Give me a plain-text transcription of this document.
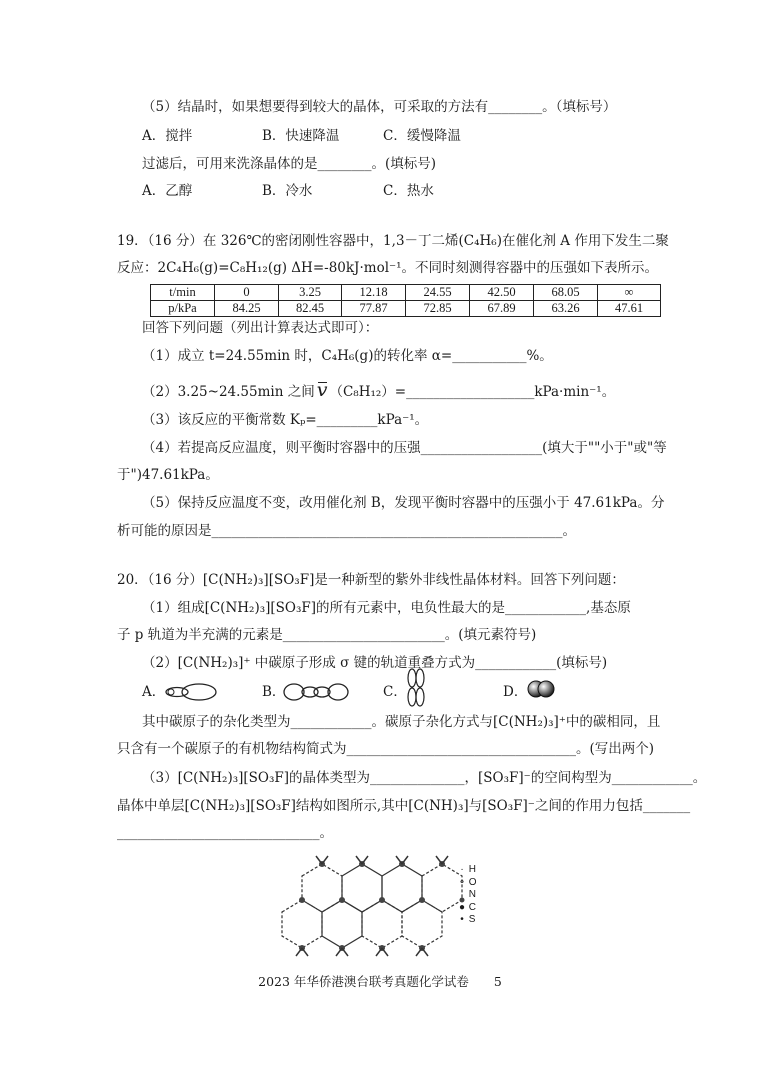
（5）结晶时，如果想要得到较大的晶体，可采取的方法有________。（填标号）
A．搅拌	B．快速降温	C．缓慢降温
过滤后，可用来洗涤晶体的是________。(填标号)
A．乙醇	B．冷水	C．热水
19．（16 分）在 326℃的密闭刚性容器中，1,3－丁二烯(C₄H₆)在催化剂 A 作用下发生二聚
反应：2C₄H₆(g)=C₈H₁₂(g) ΔH=-80kJ·mol⁻¹。不同时刻测得容器中的压强如下表所示。
t/min	0	3.25	12.18	24.55	42.50	68.05	∞
p/kPa	84.25	82.45	77.87	72.85	67.89	63.26	47.61
回答下列问题（列出计算表达式即可）：
（1）成立 t=24.55min 时，C₄H₆(g)的转化率 α=___________%。
（2）3.25~24.55min 之间 v （C₈H₁₂）=___________________kPa·min⁻¹。
（3）该反应的平衡常数 Kₚ=_________kPa⁻¹。
（4）若提高反应温度，则平衡时容器中的压强__________________(填大于""小于"或"等
于")47.61kPa。
（5）保持反应温度不变，改用催化剂 B，发现平衡时容器中的压强小于 47.61kPa。分
析可能的原因是____________________________________________________。
20．（16 分）[C(NH₂)₃][SO₃F]是一种新型的紫外非线性晶体材料。回答下列问题：
（1）组成[C(NH₂)₃][SO₃F]的所有元素中，电负性最大的是____________,基态原
子 p 轨道为半充满的元素是________________________。(填元素符号)
（2）[C(NH₂)₃]⁺ 中碳原子形成 σ 键的轨道重叠方式为____________(填标号)
A．	B．	C．	D．
其中碳原子的杂化类型为____________。碳原子杂化方式与[C(NH₂)₃]⁺中的碳相同，且
只含有一个碳原子的有机物结构简式为__________________________________。(写出两个)
（3）[C(NH₂)₃][SO₃F]的晶体类型为______________，[SO₃F]⁻的空间构型为____________。
晶体中单层[C(NH₂)₃][SO₃F]结构如图所示,其中[C(NH)₃]与[SO₃F]⁻之间的作用力包括_______
______________________________。
· H
∘ O
N
● C
• S
2023 年华侨港澳台联考真题化学试卷　　5
